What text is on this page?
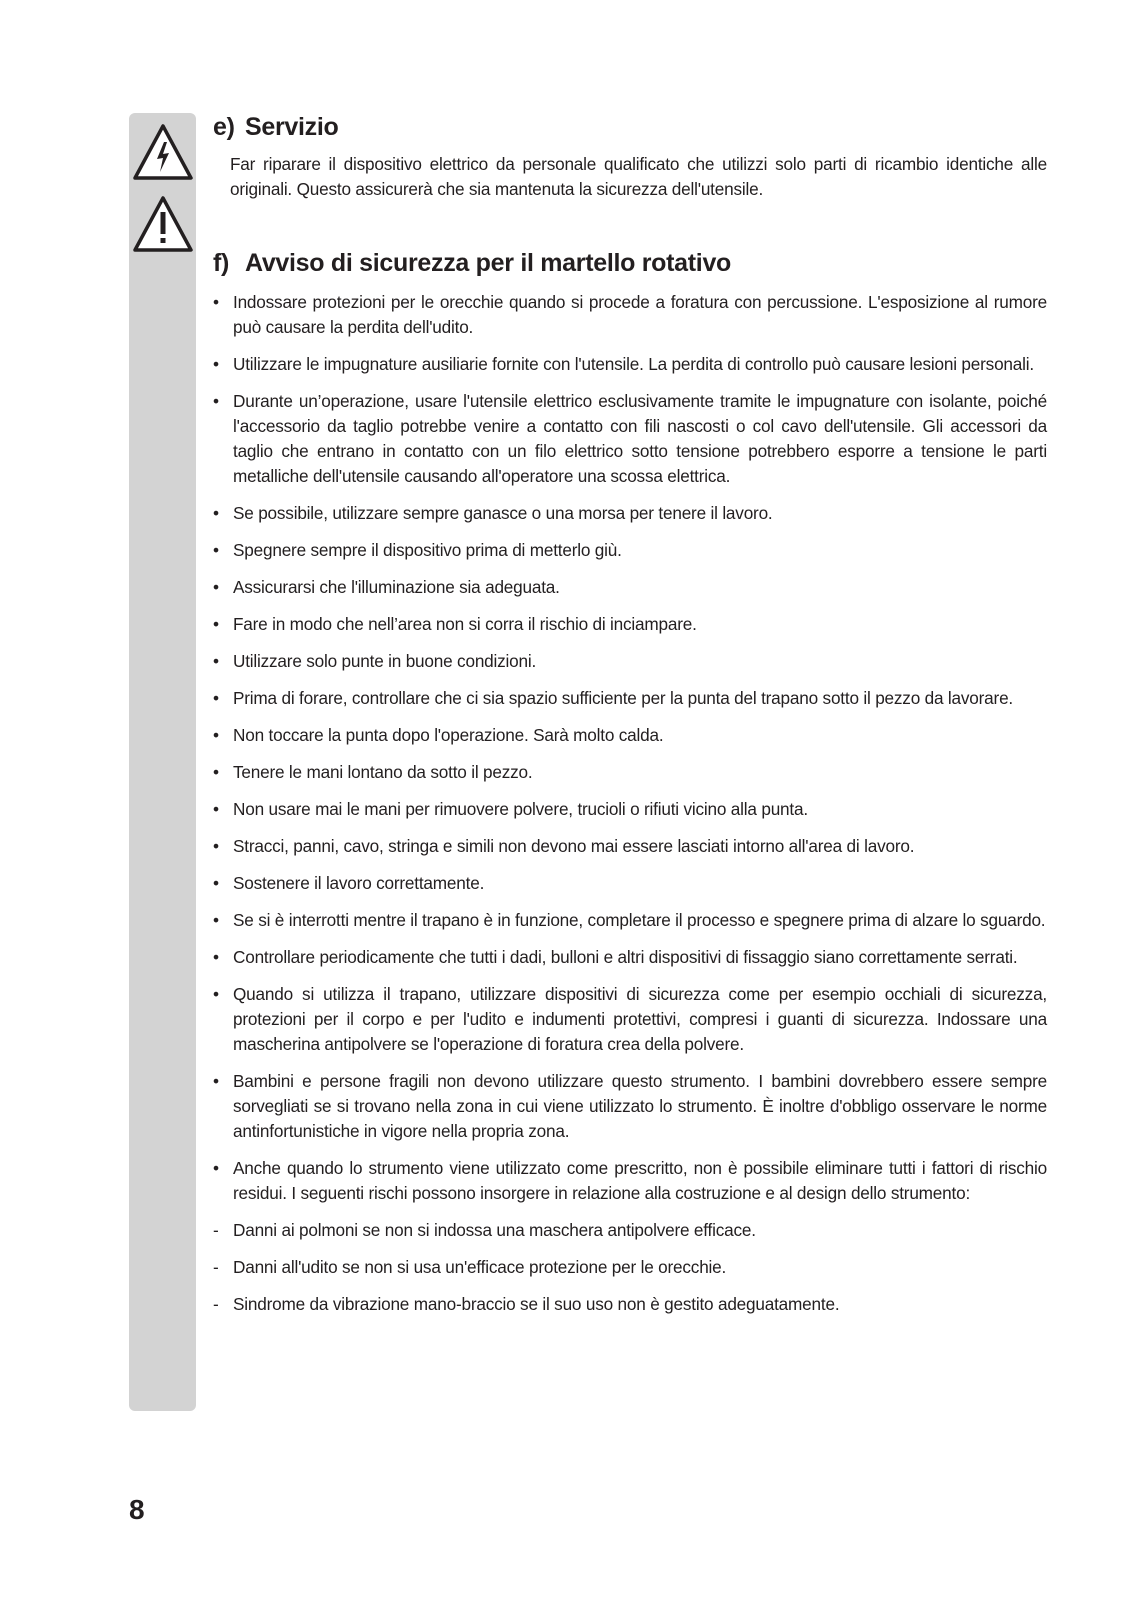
e) Servizio

Far riparare il dispositivo elettrico da personale qualificato che utilizzi solo parti di ricambio identiche alle originali. Questo assicurerà che sia mantenuta la sicurezza dell'utensile.

f) Avviso di sicurezza per il martello rotativo
• Indossare protezioni per le orecchie quando si procede a foratura con percussione. L'esposizione al rumore può causare la perdita dell'udito.
• Utilizzare le impugnature ausiliarie fornite con l'utensile. La perdita di controllo può causare lesioni personali.
• Durante un’operazione, usare l'utensile elettrico esclusivamente tramite le impugnature con isolante, poiché l'accessorio da taglio potrebbe venire a contatto con fili nascosti o col cavo dell'utensile. Gli accessori da taglio che entrano in contatto con un filo elettrico sotto tensione potrebbero esporre a tensione le parti metalliche dell'utensile causando all'operatore una scossa elettrica.
• Se possibile, utilizzare sempre ganasce o una morsa per tenere il lavoro.
• Spegnere sempre il dispositivo prima di metterlo giù.
• Assicurarsi che l'illuminazione sia adeguata.
• Fare in modo che nell’area non si corra il rischio di inciampare.
• Utilizzare solo punte in buone condizioni.
• Prima di forare, controllare che ci sia spazio sufficiente per la punta del trapano sotto il pezzo da lavorare.
• Non toccare la punta dopo l'operazione. Sarà molto calda.
• Tenere le mani lontano da sotto il pezzo.
• Non usare mai le mani per rimuovere polvere, trucioli o rifiuti vicino alla punta.
• Stracci, panni, cavo, stringa e simili non devono mai essere lasciati intorno all'area di lavoro.
• Sostenere il lavoro correttamente.
• Se si è interrotti mentre il trapano è in funzione, completare il processo e spegnere prima di alzare lo sguardo.
• Controllare periodicamente che tutti i dadi, bulloni e altri dispositivi di fissaggio siano correttamente serrati.
• Quando si utilizza il trapano, utilizzare dispositivi di sicurezza come per esempio occhiali di sicurezza, protezioni per il corpo e per l'udito e indumenti protettivi, compresi i guanti di sicurezza. Indossare una mascherina antipolvere se l'operazione di foratura crea della polvere.
• Bambini e persone fragili non devono utilizzare questo strumento. I bambini dovrebbero essere sempre sorvegliati se si trovano nella zona in cui viene utilizzato lo strumento. È inoltre d'obbligo osservare le norme antinfortunistiche in vigore nella propria zona.
• Anche quando lo strumento viene utilizzato come prescritto, non è possibile eliminare tutti i fattori di rischio residui. I seguenti rischi possono insorgere in relazione alla costruzione e al design dello strumento:
- Danni ai polmoni se non si indossa una maschera antipolvere efficace.
- Danni all'udito se non si usa un'efficace protezione per le orecchie.
- Sindrome da vibrazione mano-braccio se il suo uso non è gestito adeguatamente.
8
